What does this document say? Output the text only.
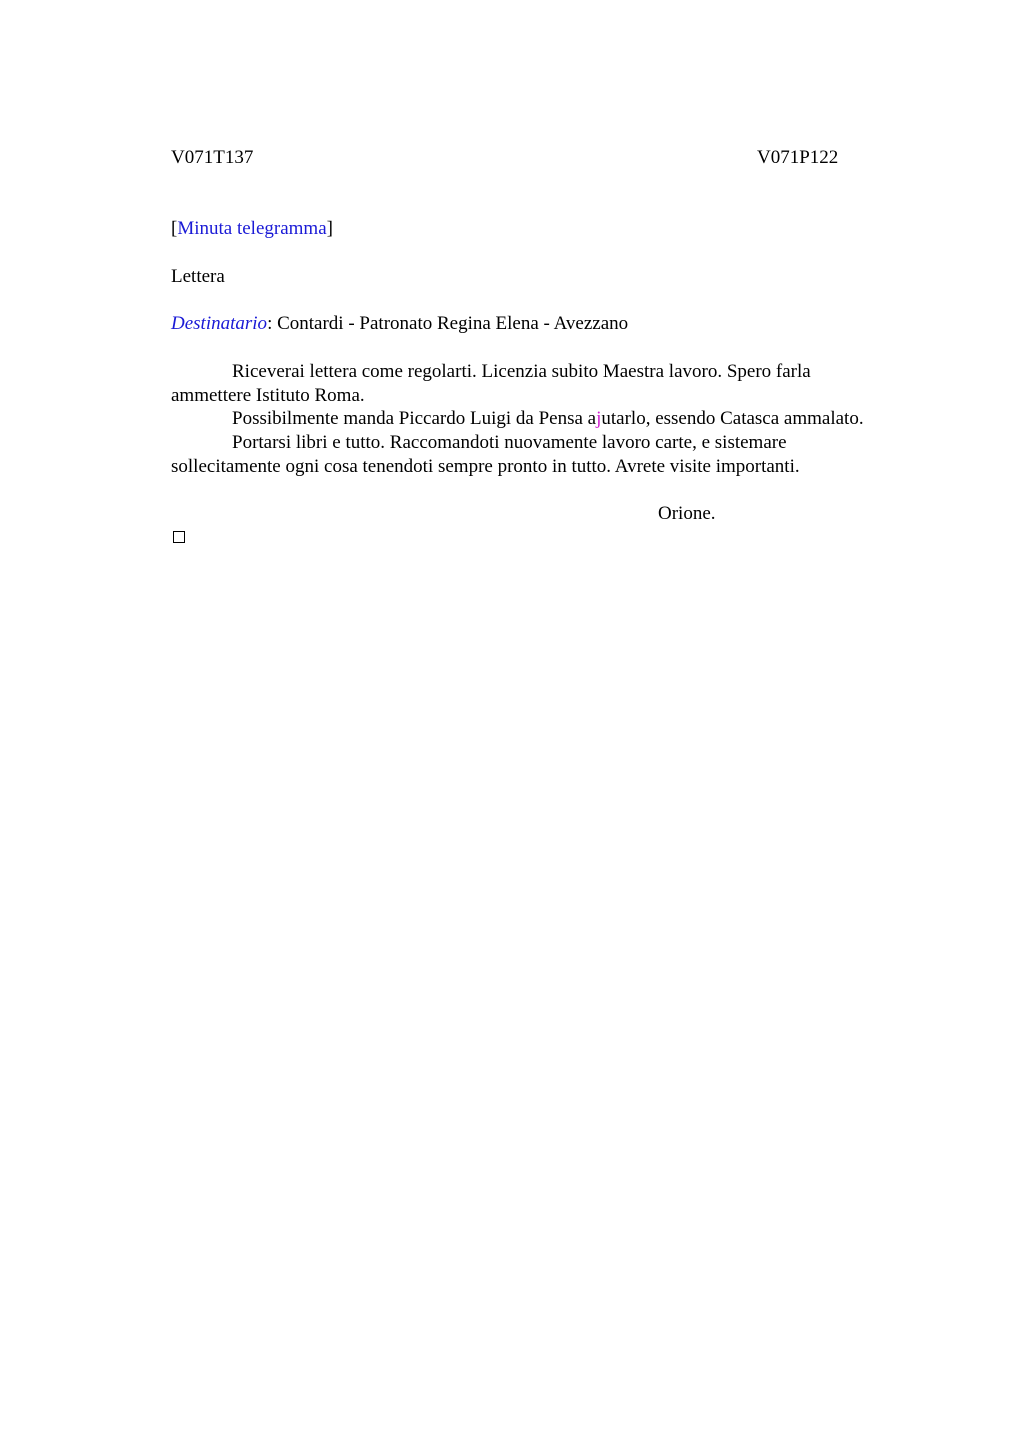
V071T137	V071P122
[Minuta telegramma]
Lettera
Destinatario: Contardi - Patronato Regina Elena - Avezzano
Riceverai lettera come regolarti. Licenzia subito Maestra lavoro. Spero farla
ammettere Istituto Roma.
Possibilmente manda Piccardo Luigi da Pensa ajutarlo, essendo Catasca ammalato.
Portarsi libri e tutto. Raccomandoti nuovamente lavoro carte, e sistemare
sollecitamente ogni cosa tenendoti sempre pronto in tutto. Avrete visite importanti.
Orione.
